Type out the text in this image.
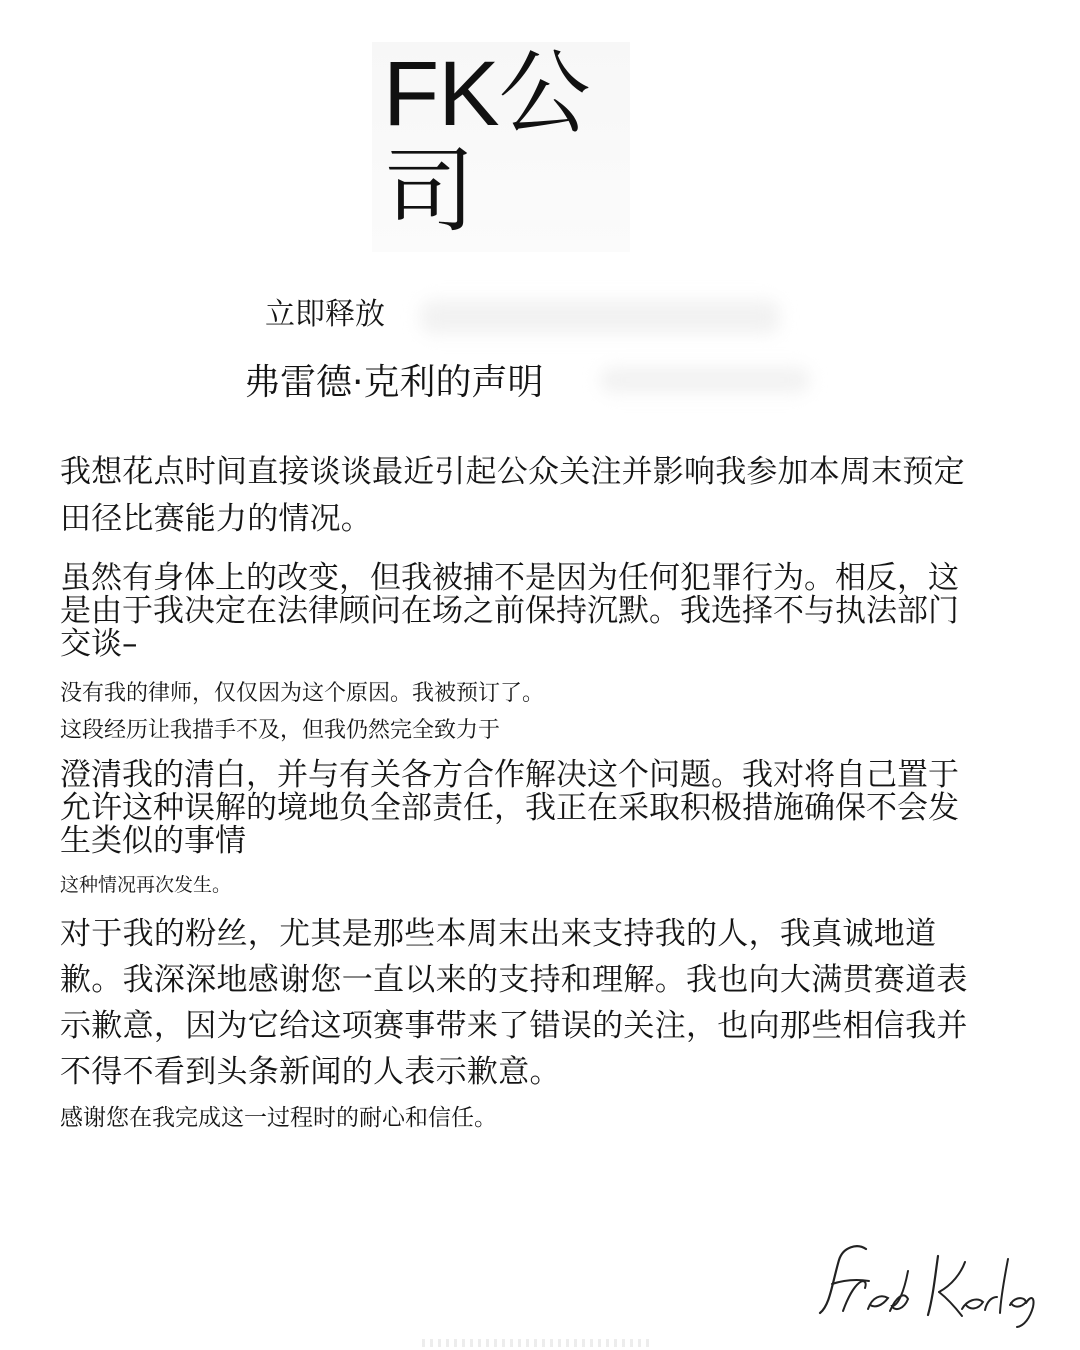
FK公
司
立即释放
弗雷德·克利的声明

我想花点时间直接谈谈最近引起公众关注并影响我参加本周末预定田径比赛能力的情况。

虽然有身体上的改变，但我被捕不是因为任何犯罪行为。相反，这是由于我决定在法律顾问在场之前保持沉默。我选择不与执法部门交谈–

没有我的律师，仅仅因为这个原因。我被预订了。

这段经历让我措手不及，但我仍然完全致力于

澄清我的清白，并与有关各方合作解决这个问题。我对将自己置于允许这种误解的境地负全部责任，我正在采取积极措施确保不会发生类似的事情

这种情况再次发生。

对于我的粉丝，尤其是那些本周末出来支持我的人，我真诚地道歉。我深深地感谢您一直以来的支持和理解。我也向大满贯赛道表示歉意，因为它给这项赛事带来了错误的关注，也向那些相信我并不得不看到头条新闻的人表示歉意。

感谢您在我完成这一过程时的耐心和信任。
